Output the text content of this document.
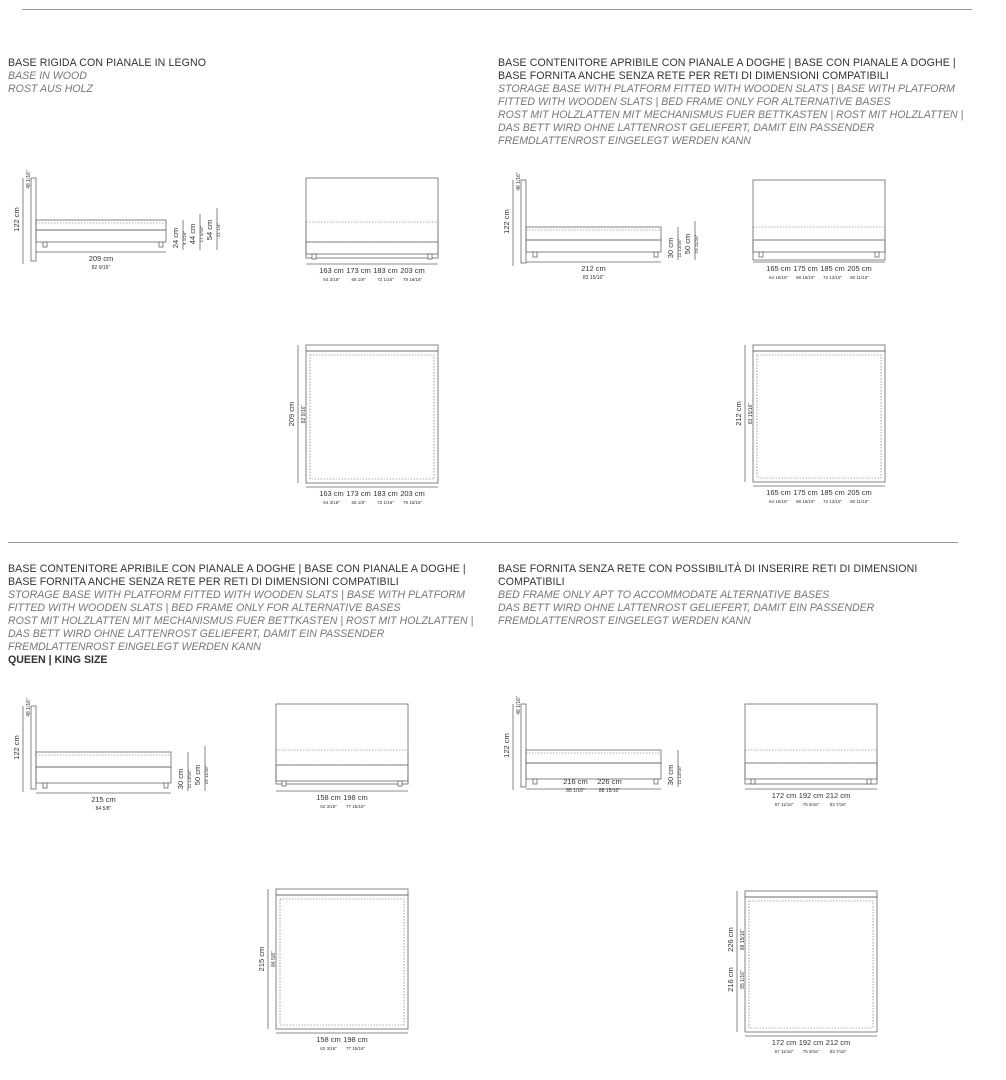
BASE RIGIDA CON PIANALE IN LEGNO
BASE IN WOOD
ROST AUS HOLZ
BASE CONTENITORE APRIBILE CON PIANALE A DOGHE | BASE CON PIANALE A DOGHE |
BASE FORNITA ANCHE SENZA RETE PER RETI DI DIMENSIONI COMPATIBILI
STORAGE BASE WITH PLATFORM FITTED WITH WOODEN SLATS | BASE WITH PLATFORM
FITTED WITH WOODEN SLATS | BED FRAME ONLY FOR ALTERNATIVE BASES
ROST MIT HOLZLATTEN MIT MECHANISMUS FUER BETTKASTEN | ROST MIT HOLZLATTEN |
DAS BETT WIRD OHNE LATTENROST GELIEFERT, DAMIT EIN PASSENDER
FREMDLATTENROST EINGELEGT WERDEN KANN
BASE CONTENITORE APRIBILE CON PIANALE A DOGHE | BASE CON PIANALE A DOGHE |
BASE FORNITA ANCHE SENZA RETE PER RETI DI DIMENSIONI COMPATIBILI
STORAGE BASE WITH PLATFORM FITTED WITH WOODEN SLATS | BASE WITH PLATFORM
FITTED WITH WOODEN SLATS | BED FRAME ONLY FOR ALTERNATIVE BASES
ROST MIT HOLZLATTEN MIT MECHANISMUS FUER BETTKASTEN | ROST MIT HOLZLATTEN |
DAS BETT WIRD OHNE LATTENROST GELIEFERT, DAMIT EIN PASSENDER
FREMDLATTENROST EINGELEGT WERDEN KANN
QUEEN | KING SIZE
BASE FORNITA SENZA RETE CON POSSIBILITÀ DI INSERIRE RETI DI DIMENSIONI
COMPATIBILI
BED FRAME ONLY APT TO ACCOMMODATE ALTERNATIVE BASES
DAS BETT WIRD OHNE LATTENROST GELIEFERT, DAMIT EIN PASSENDER
FREMDLATTENROST EINGELEGT WERDEN KANN
122 cm
48 1/16"
209 cm
82 9/16"
24 cm 9 1/16" 44 cm 17 5/16" 54 cm 21 1/4"
163 cm
64 3/16"
173 cm
68 1/8"
183 cm
72 1/16"
203 cm
79 15/16"
209 cm 82 9/16"
163 cm
64 3/16"
173 cm
68 1/8"
183 cm
72 1/16"
203 cm
79 15/16"
122 cm
48 1/16"
212 cm
83 15/16"
30 cm 11 13/16" 50 cm 19 11/16"
165 cm
64 15/16"
175 cm
68 15/16"
185 cm
72 13/16"
205 cm
80 11/16"
212 cm 83 15/16"
165 cm
64 15/16"
175 cm
68 15/16"
185 cm
72 13/16"
205 cm
80 11/16"
122 cm
48 1/16"
215 cm
84 5/8"
30 cm 11 13/16" 50 cm 19 11/16"
158 cm
62 3/16"
198 cm
77 15/16"
215 cm 84 5/8"
158 cm
62 3/16"
198 cm
77 15/16"
122 cm
48 1/16"
216 cm
85 1/16"
226 cm
88 15/16"
30 cm 11 13/16"
172 cm
67 11/16"
192 cm
75 9/16"
212 cm
83 7/16"
216 cm 85 1/16"
226 cm 88 15/16"
172 cm
67 11/16"
192 cm
75 9/16"
212 cm
83 7/16"
